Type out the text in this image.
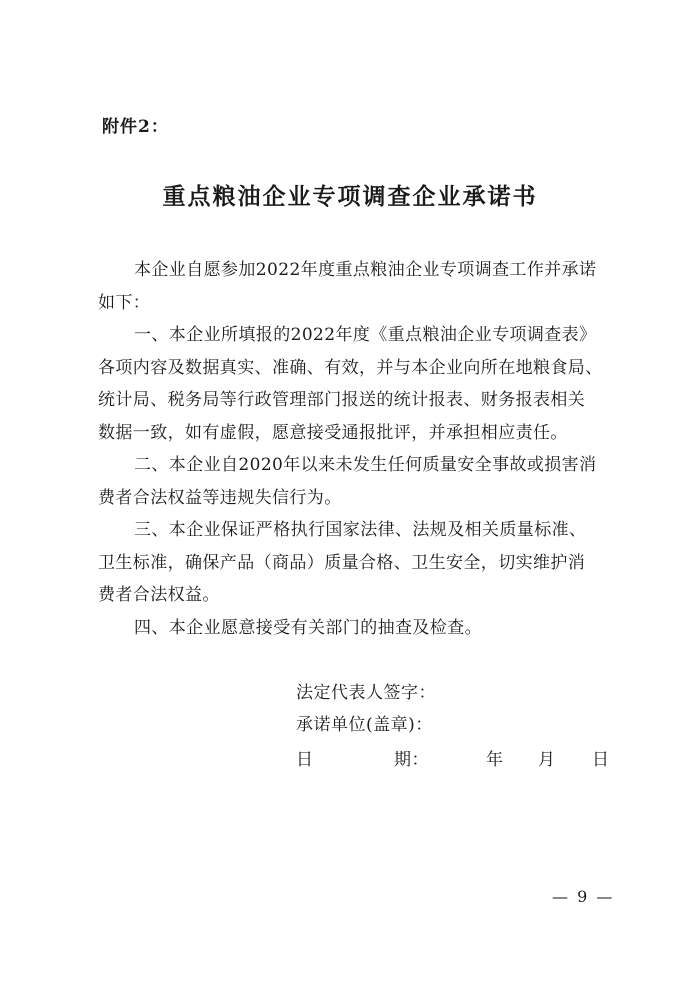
附件2：
重点粮油企业专项调查企业承诺书
本企业自愿参加2022年度重点粮油企业专项调查工作并承诺
如下：
一、本企业所填报的2022年度《重点粮油企业专项调查表》
各项内容及数据真实、准确、有效，并与本企业向所在地粮食局、
统计局、税务局等行政管理部门报送的统计报表、财务报表相关
数据一致，如有虚假，愿意接受通报批评，并承担相应责任。
二、本企业自2020年以来未发生任何质量安全事故或损害消
费者合法权益等违规失信行为。
三、本企业保证严格执行国家法律、法规及相关质量标准、
卫生标准，确保产品（商品）质量合格、卫生安全，切实维护消
费者合法权益。
四、本企业愿意接受有关部门的抽查及检查。
法定代表人签字：
承诺单位(盖章)：
日	期：	年 月 日
— 9 —
